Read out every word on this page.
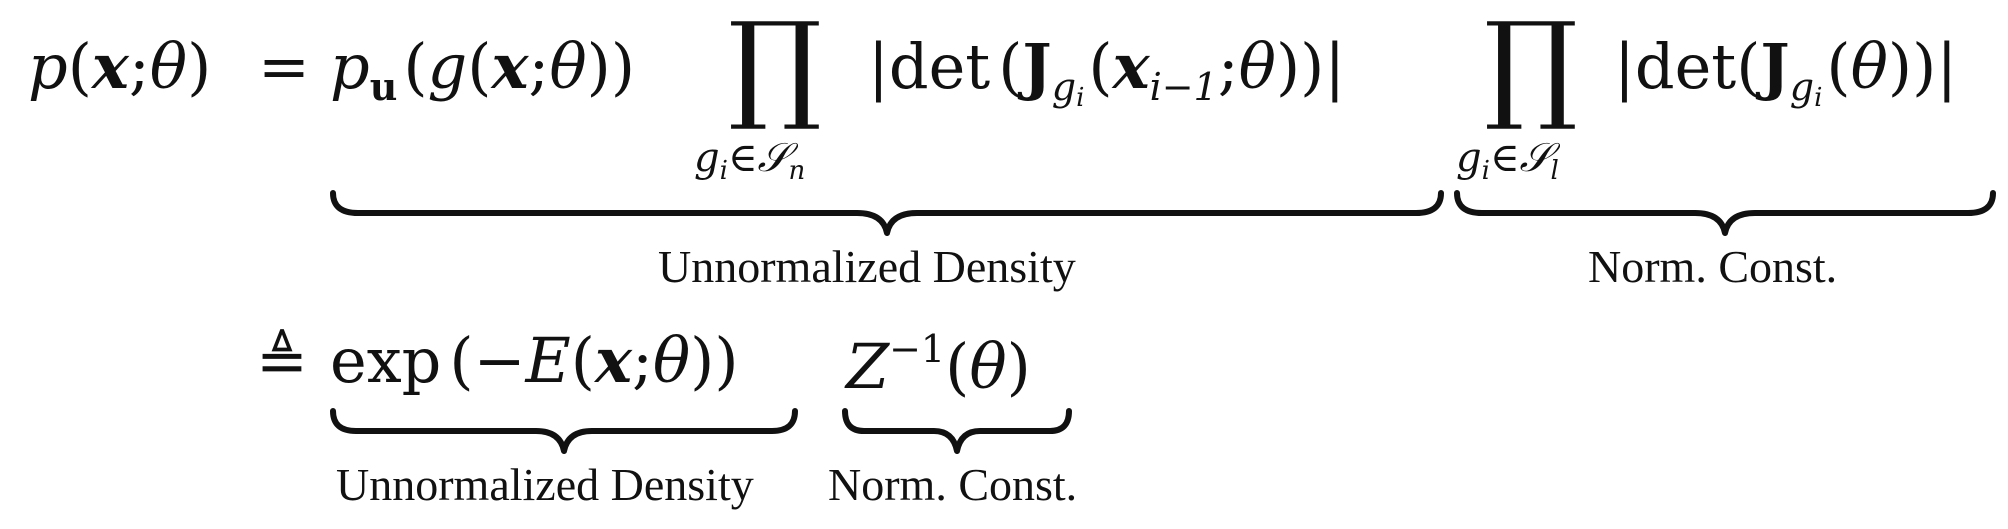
p(x;θ) = $p_u(g(x;\theta))$ ∏
$g_i\in 𝒮_n$
|det $(J_{gi}(x_{i-1};\theta))|$ ∏
$g_i\in 𝒮_l$
$|\det(J_{gi}(\theta))|$
Unnormalized Density	Norm. Const.
≜ exp (−E(x;θ)) $Z^{-1}(\theta)$
Unnormalized Density Norm. Const.
